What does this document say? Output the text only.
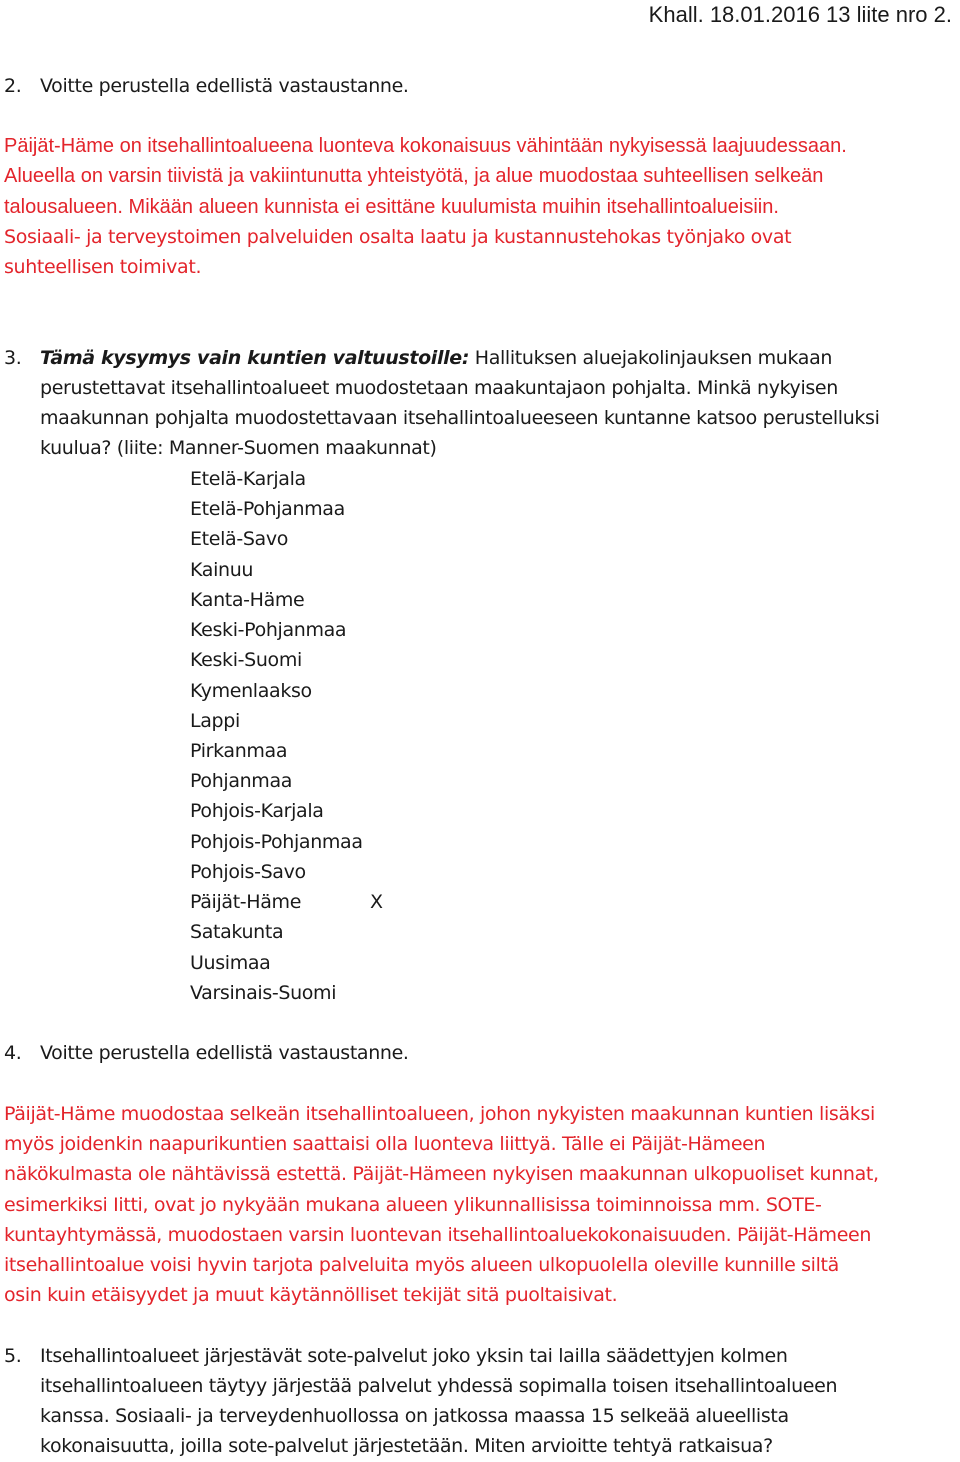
Khall. 18.01.2016 13 liite nro 2.
2. Voitte perustella edellistä vastaustanne.
Päijät-Häme on itsehallintoalueena luonteva kokonaisuus vähintään nykyisessä laajuudessaan.
Alueella on varsin tiivistä ja vakiintunutta yhteistyötä, ja alue muodostaa suhteellisen selkeän
talousalueen. Mikään alueen kunnista ei esittäne kuulumista muihin itsehallintoalueisiin.
Sosiaali- ja terveystoimen palveluiden osalta laatu ja kustannustehokas työnjako ovat
suhteellisen toimivat.
3. Tämä kysymys vain kuntien valtuustoille: Hallituksen aluejakolinjauksen mukaan
perustettavat itsehallintoalueet muodostetaan maakuntajaon pohjalta. Minkä nykyisen
maakunnan pohjalta muodostettavaan itsehallintoalueeseen kuntanne katsoo perustelluksi
kuulua? (liite: Manner-Suomen maakunnat)
Etelä-Karjala
Etelä-Pohjanmaa
Etelä-Savo
Kainuu
Kanta-Häme
Keski-Pohjanmaa
Keski-Suomi
Kymenlaakso
Lappi
Pirkanmaa
Pohjanmaa
Pohjois-Karjala
Pohjois-Pohjanmaa
Pohjois-Savo
Päijät-Häme	X
Satakunta
Uusimaa
Varsinais-Suomi
4. Voitte perustella edellistä vastaustanne.
Päijät-Häme muodostaa selkeän itsehallintoalueen, johon nykyisten maakunnan kuntien lisäksi
myös joidenkin naapurikuntien saattaisi olla luonteva liittyä. Tälle ei Päijät-Hämeen
näkökulmasta ole nähtävissä estettä. Päijät-Hämeen nykyisen maakunnan ulkopuoliset kunnat,
esimerkiksi Iitti, ovat jo nykyään mukana alueen ylikunnallisissa toiminnoissa mm. SOTE-
kuntayhtymässä, muodostaen varsin luontevan itsehallintoaluekokonaisuuden. Päijät-Hämeen
itsehallintoalue voisi hyvin tarjota palveluita myös alueen ulkopuolella oleville kunnille siltä
osin kuin etäisyydet ja muut käytännölliset tekijät sitä puoltaisivat.
5. Itsehallintoalueet järjestävät sote-palvelut joko yksin tai lailla säädettyjen kolmen
itsehallintoalueen täytyy järjestää palvelut yhdessä sopimalla toisen itsehallintoalueen
kanssa. Sosiaali- ja terveydenhuollossa on jatkossa maassa 15 selkeää alueellista
kokonaisuutta, joilla sote-palvelut järjestetään. Miten arvioitte tehtyä ratkaisua?
